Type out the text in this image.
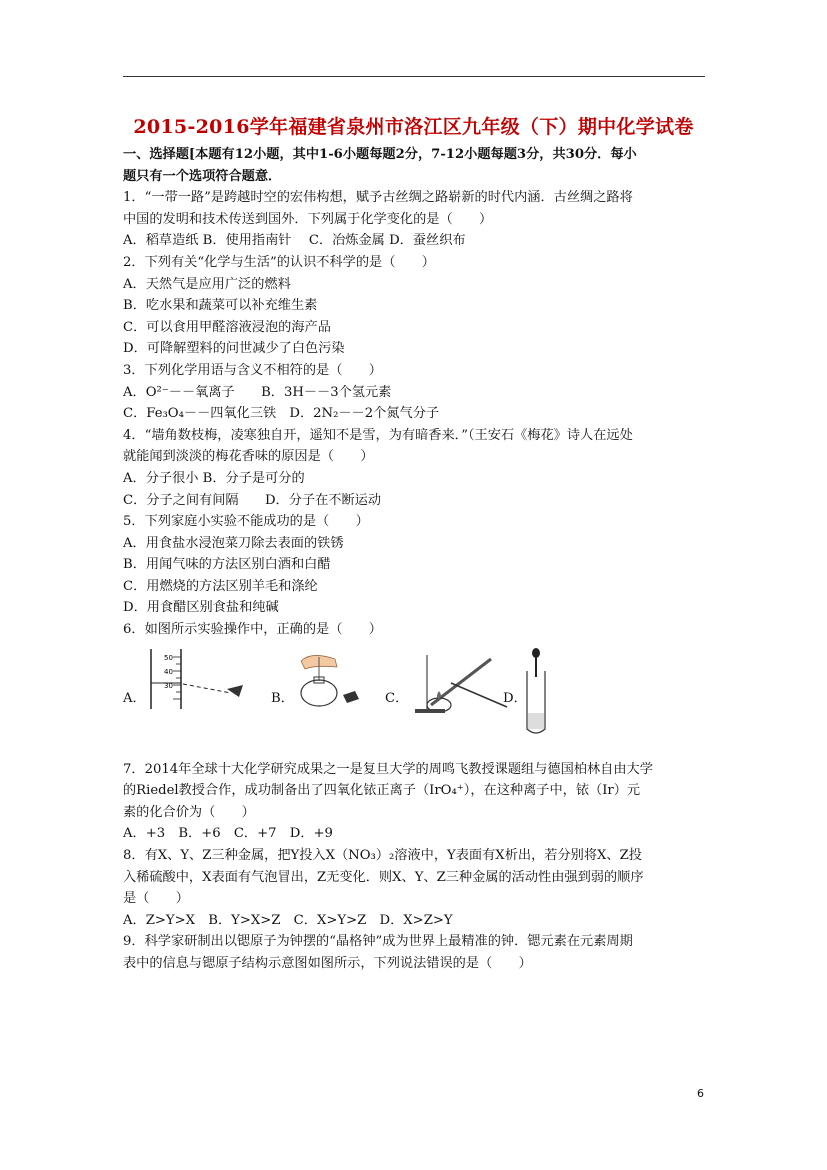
2015-2016学年福建省泉州市洛江区九年级（下）期中化学试卷
一、选择题[本题有12小题，其中1-6小题每题2分，7-12小题每题3分，共30分．每小
题只有一个选项符合题意．
1．“一带一路”是跨越时空的宏伟构想，赋予古丝绸之路崭新的时代内涵．古丝绸之路将
中国的发明和技术传送到国外．下列属于化学变化的是（　　）
A．稻草造纸 B．使用指南针　 C．冶炼金属 D．蚕丝织布
2．下列有关“化学与生活”的认识不科学的是（　　）
A．天然气是应用广泛的燃料
B．吃水果和蔬菜可以补充维生素
C．可以食用甲醛溶液浸泡的海产品
D．可降解塑料的问世减少了白色污染
3．下列化学用语与含义不相符的是（　　）
A．O²⁻－－氧离子　　B．3H－－3个氢元素
C．Fe₃O₄－－四氧化三铁　D．2N₂－－2个氮气分子
4．“墙角数枝梅，凌寒独自开，遥知不是雪，为有暗香来．”（王安石《梅花》诗人在远处
就能闻到淡淡的梅花香味的原因是（　　）
A．分子很小 B．分子是可分的
C．分子之间有间隔　　D．分子在不断运动
5．下列家庭小实验不能成功的是（　　）
A．用食盐水浸泡菜刀除去表面的铁锈
B．用闻气味的方法区别白酒和白醋
C．用燃烧的方法区别羊毛和涤纶
D．用食醋区别食盐和纯碱
6．如图所示实验操作中，正确的是（　　）
A．
50
40
30
B．	C．	D．
7．2014年全球十大化学研究成果之一是复旦大学的周鸣飞教授课题组与德国柏林自由大学
的Riedel教授合作，成功制备出了四氧化铱正离子（IrO₄⁺），在这种离子中，铱（Ir）元
素的化合价为（　　）
A．+3　B．+6　C．+7　D．+9
8．有X、Y、Z三种金属，把Y投入X（NO₃）₂溶液中，Y表面有X析出，若分别将X、Z投
入稀硫酸中，X表面有气泡冒出，Z无变化．则X、Y、Z三种金属的活动性由强到弱的顺序
是（　　）
A．Z>Y>X　B．Y>X>Z　C．X>Y>Z　D．X>Z>Y
9．科学家研制出以锶原子为钟摆的“晶格钟”成为世界上最精准的钟．锶元素在元素周期
表中的信息与锶原子结构示意图如图所示，下列说法错误的是（　　）
6
